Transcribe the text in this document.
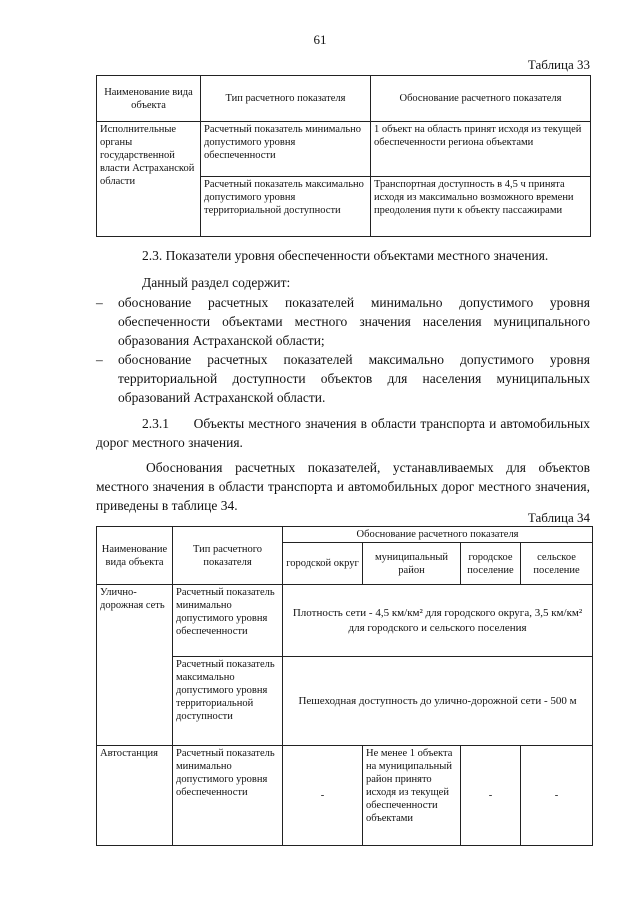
61
Таблица 33
Наименование вида объекта	Тип расчетного показателя	Обоснование расчетного показателя
Исполнительные органы государственной власти Астраханской области	Расчетный показатель минимально допустимого уровня обеспеченности	1 объект на область принят исходя из текущей обеспеченности региона объектами
	Расчетный показатель максимально допустимого уровня территориальной доступности	Транспортная доступность в 4,5 ч принята исходя из максимально возможного времени преодоления пути к объекту пассажирами
2.3. Показатели уровня обеспеченности объектами местного значения.
Данный раздел содержит:
– обоснование расчетных показателей минимально допустимого уровня обеспеченности объектами местного значения населения муниципального образования Астраханской области;
– обоснование расчетных показателей максимально допустимого уровня территориальной доступности объектов для населения муниципальных образований Астраханской области.
2.3.1      Объекты местного значения в области транспорта и автомобильных дорог местного значения.
Обоснования расчетных показателей, устанавливаемых для объектов местного значения в области транспорта и автомобильных дорог местного значения, приведены в таблице 34.
Таблица 34
Наименование вида объекта	Тип расчетного показателя	Обоснование расчетного показателя			
		городской округ	муниципальный район	городское поселение	сельское поселение
Улично-дорожная сеть	Расчетный показатель минимально допустимого уровня обеспеченности	Плотность сети - 4,5 км/км² для городского округа, 3,5 км/км² для городского и сельского поселения			
	Расчетный показатель максимально допустимого уровня территориальной доступности	Пешеходная доступность до улично-дорожной сети - 500 м			
Автостанция	Расчетный показатель минимально допустимого уровня обеспеченности	-	Не менее 1 объекта на муниципальный район принято исходя из текущей обеспеченности объектами	-	-
